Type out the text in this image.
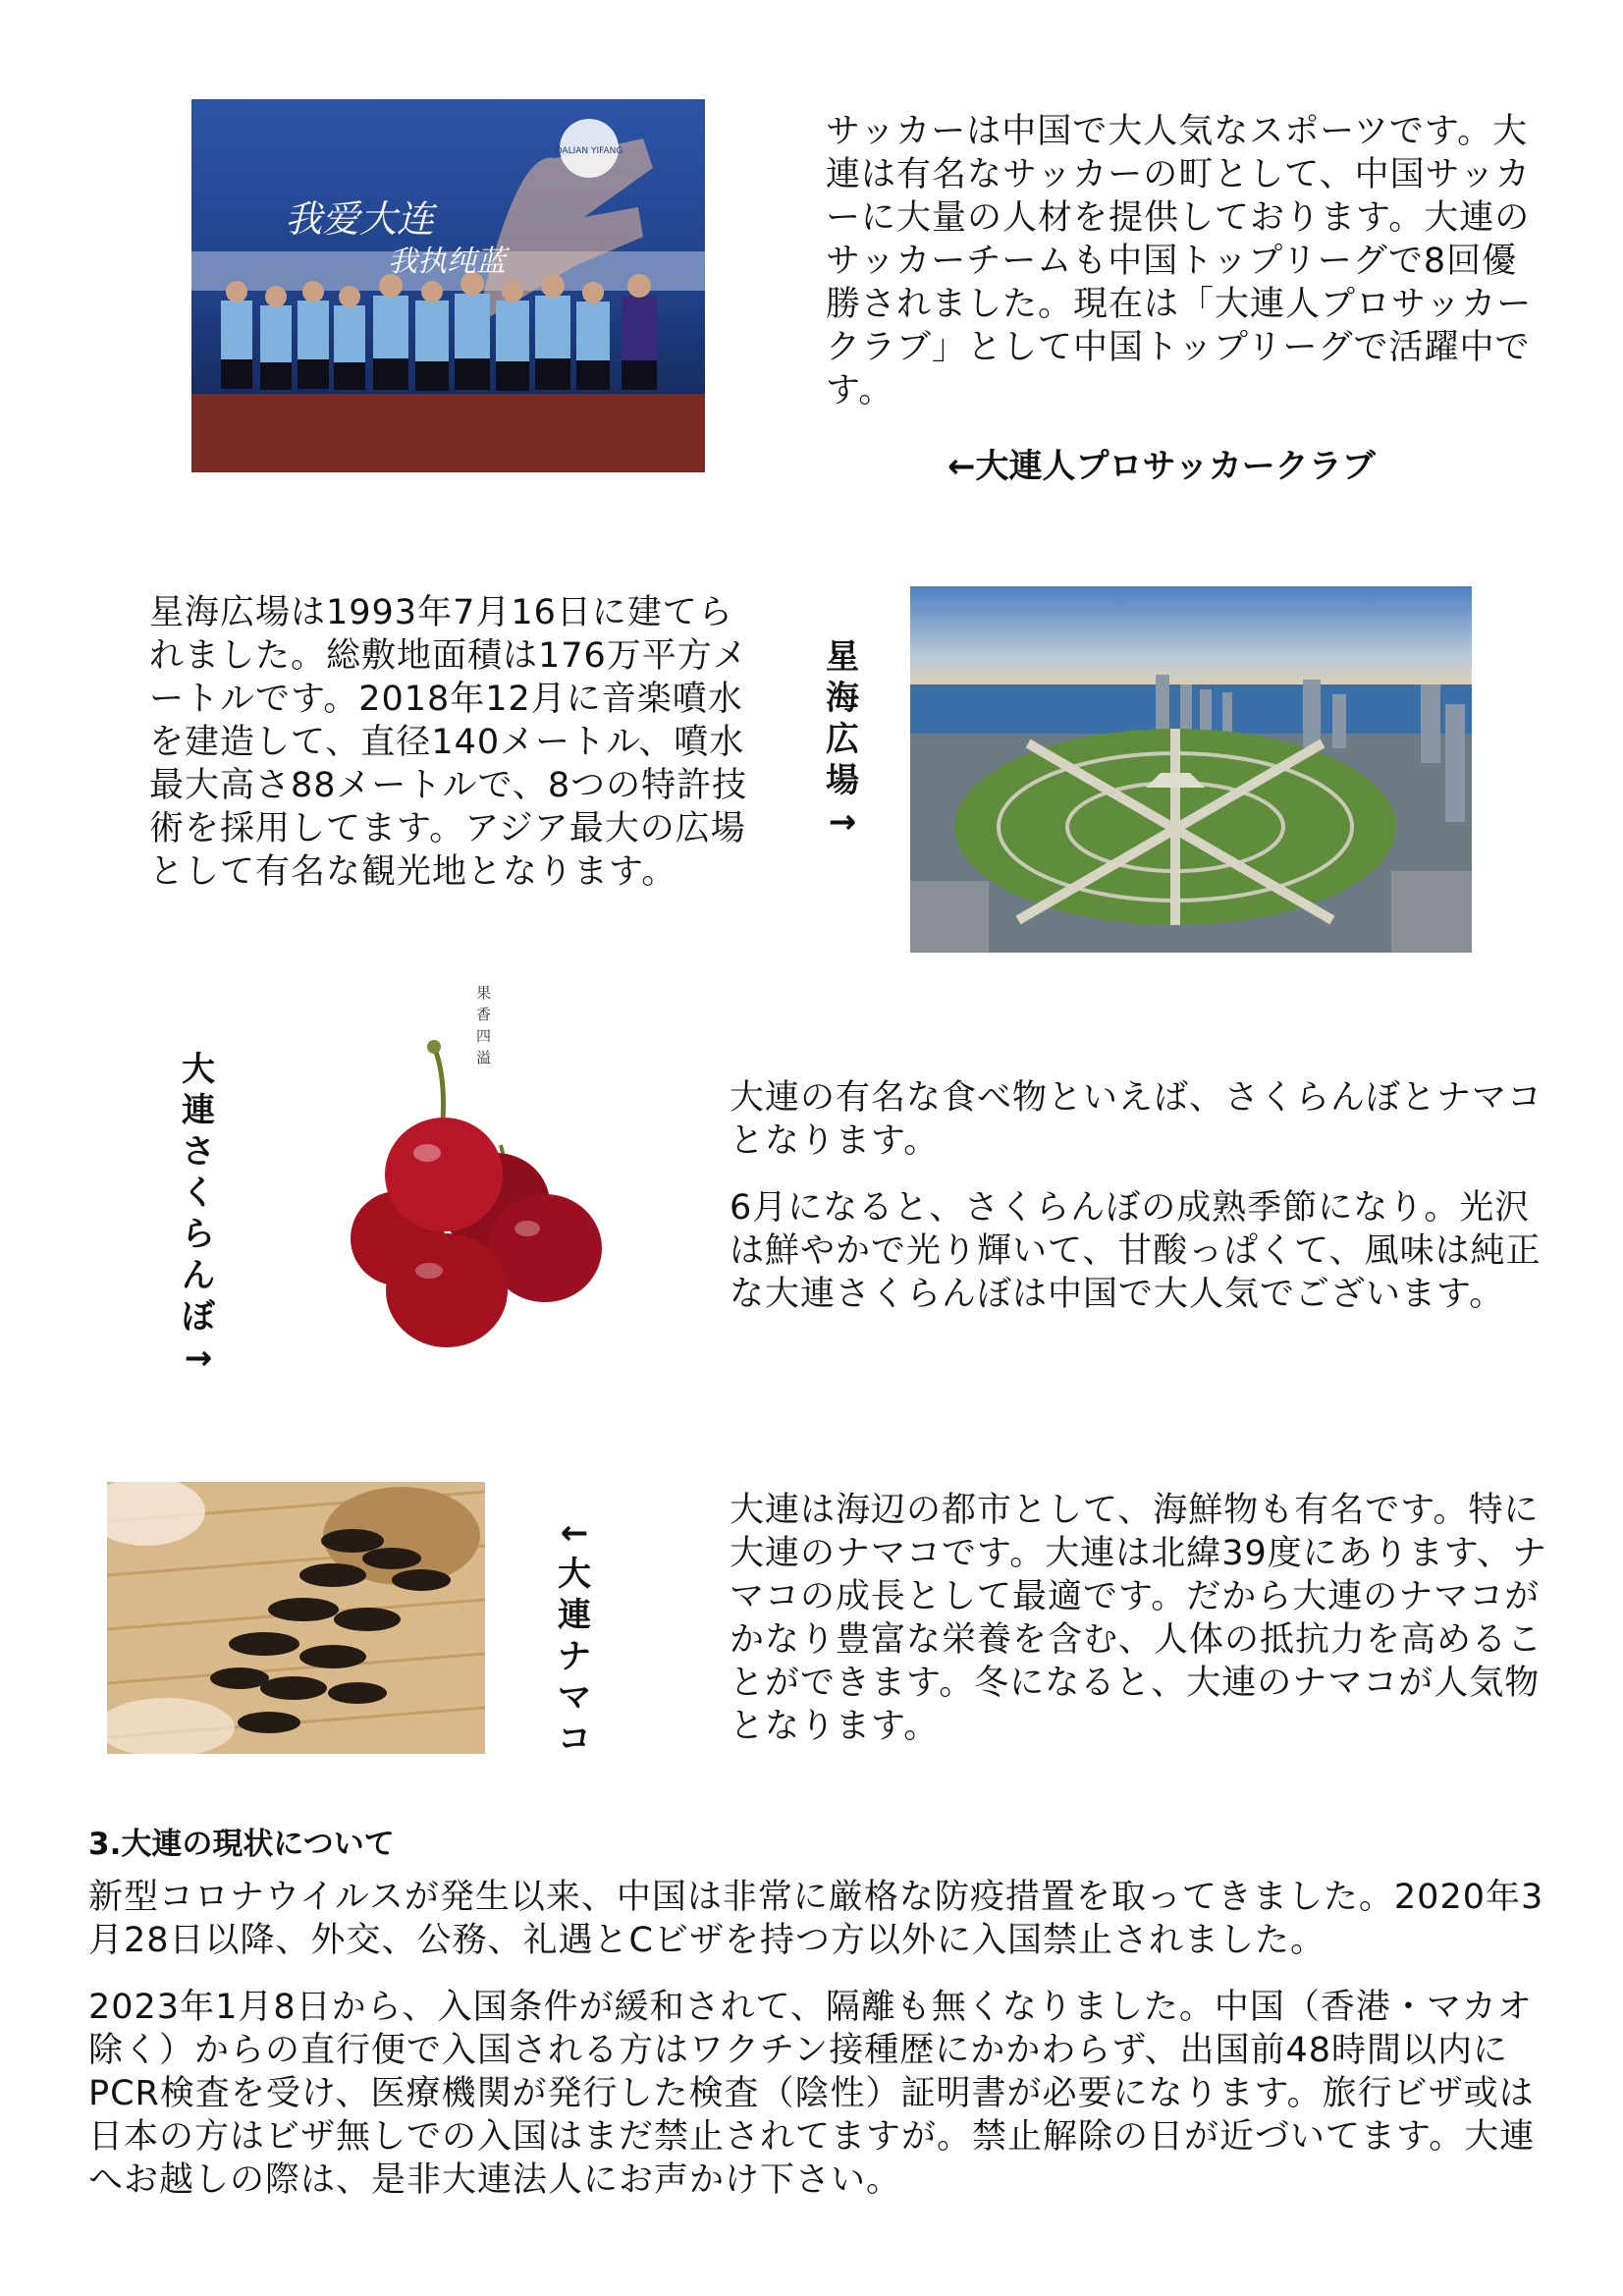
DALIAN YIFANG
我爱大连
我执纯蓝

サッカーは中国で大人気なスポーツです。大連は有名なサッカーの町として、中国サッカーに大量の人材を提供しております。大連のサッカーチームも中国トップリーグで8回優勝されました。現在は「大連人プロサッカークラブ」として中国トップリーグで活躍中です。

←大連人プロサッカークラブ

星海広場は1993年7月16日に建てられました。総敷地面積は176万平方メートルです。2018年12月に音楽噴水を建造して、直径140メートル、噴水最大高さ88メートルで、8つの特許技術を採用してます。アジア最大の広場として有名な観光地となります。

星
海
広
場
→
大
連
さ
く
ら
ん
ぼ
→
果
香
四
溢

大連の有名な食べ物といえば、さくらんぼとナマコとなります。

6月になると、さくらんぼの成熟季節になり。光沢は鮮やかで光り輝いて、甘酸っぱくて、風味は純正な大連さくらんぼは中国で大人気でございます。

←
大
連
ナ
マ
コ

大連は海辺の都市として、海鮮物も有名です。特に大連のナマコです。大連は北緯39度にあります、ナマコの成長として最適です。だから大連のナマコがかなり豊富な栄養を含む、人体の抵抗力を高めることができます。冬になると、大連のナマコが人気物となります。

3.大連の現状について

新型コロナウイルスが発生以来、中国は非常に厳格な防疫措置を取ってきました。2020年3月28日以降、外交、公務、礼遇とCビザを持つ方以外に入国禁止されました。

2023年1月8日から、入国条件が緩和されて、隔離も無くなりました。中国（香港・マカオ除く）からの直行便で入国される方はワクチン接種歴にかかわらず、出国前48時間以内にPCR検査を受け、医療機関が発行した検査（陰性）証明書が必要になります。旅行ビザ或は日本の方はビザ無しでの入国はまだ禁止されてますが。禁止解除の日が近づいてます。大連へお越しの際は、是非大連法人にお声かけ下さい。
